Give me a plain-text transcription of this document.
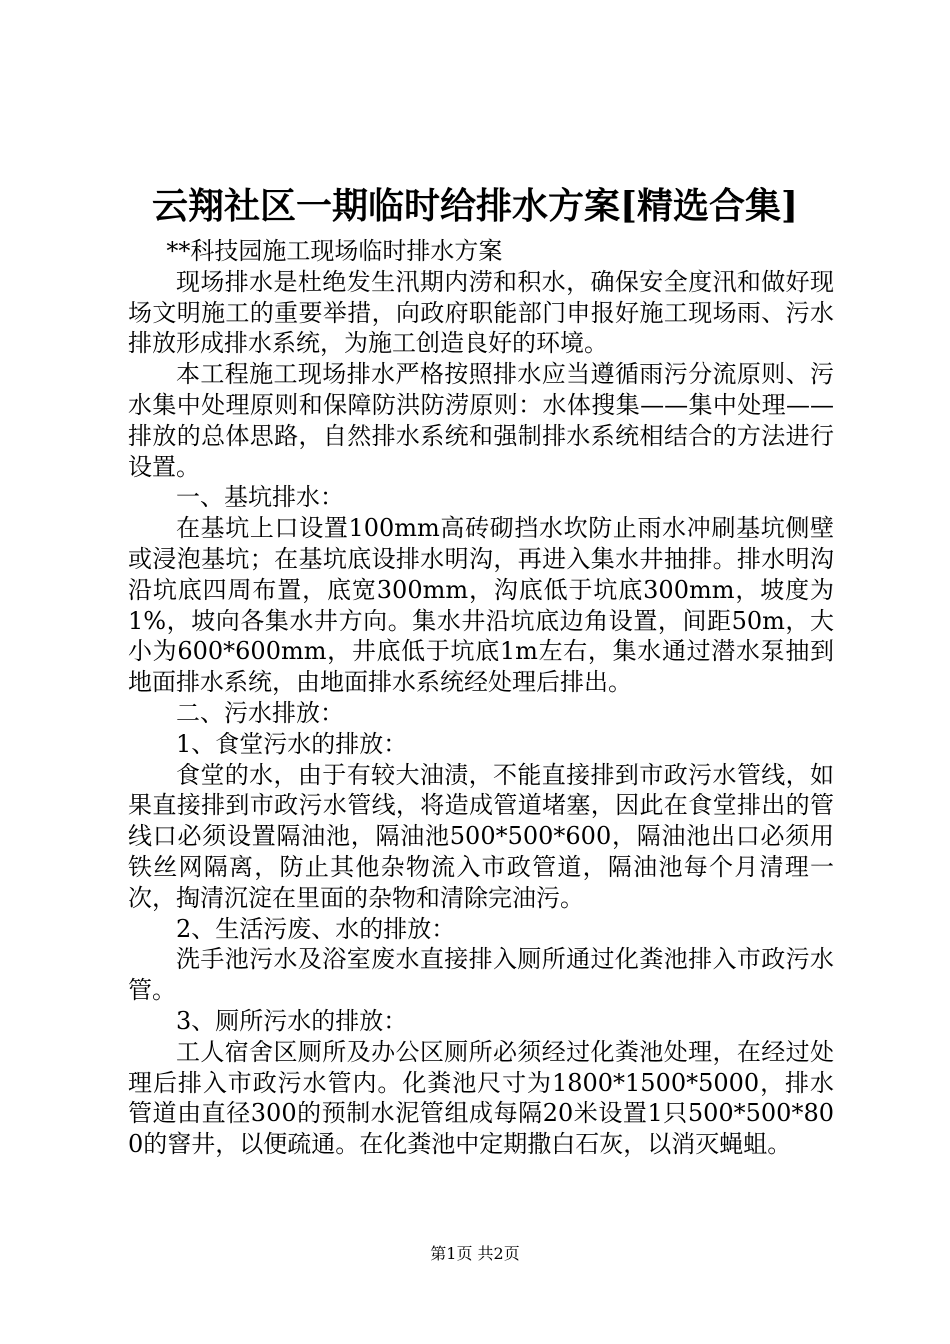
云翔社区一期临时给排水方案[精选合集]

**科技园施工现场临时排水方案

现场排水是杜绝发生汛期内涝和积水，确保安全度汛和做好现场文明施工的重要举措，向政府职能部门申报好施工现场雨、污水排放形成排水系统，为施工创造良好的环境。

本工程施工现场排水严格按照排水应当遵循雨污分流原则、污水集中处理原则和保障防洪防涝原则：水体搜集——集中处理——排放的总体思路，自然排水系统和强制排水系统相结合的方法进行设置。

一、基坑排水：

在基坑上口设置100mm高砖砌挡水坎防止雨水冲刷基坑侧壁或浸泡基坑；在基坑底设排水明沟，再进入集水井抽排。排水明沟沿坑底四周布置，底宽300mm，沟底低于坑底300mm，坡度为1%，坡向各集水井方向。集水井沿坑底边角设置，间距50m，大小为600*600mm，井底低于坑底1m左右，集水通过潜水泵抽到地面排水系统，由地面排水系统经处理后排出。

二、污水排放：

1、食堂污水的排放：

食堂的水，由于有较大油渍，不能直接排到市政污水管线，如果直接排到市政污水管线，将造成管道堵塞，因此在食堂排出的管线口必须设置隔油池，隔油池500*500*600，隔油池出口必须用铁丝网隔离，防止其他杂物流入市政管道，隔油池每个月清理一次，掏清沉淀在里面的杂物和清除完油污。

2、生活污废、水的排放：

洗手池污水及浴室废水直接排入厕所通过化粪池排入市政污水管。

3、厕所污水的排放：

工人宿舍区厕所及办公区厕所必须经过化粪池处理，在经过处理后排入市政污水管内。化粪池尺寸为1800*1500*5000，排水管道由直径300的预制水泥管组成每隔20米设置1只500*500*800的窨井，以便疏通。在化粪池中定期撒白石灰，以消灭蝇蛆。

第1页 共2页
